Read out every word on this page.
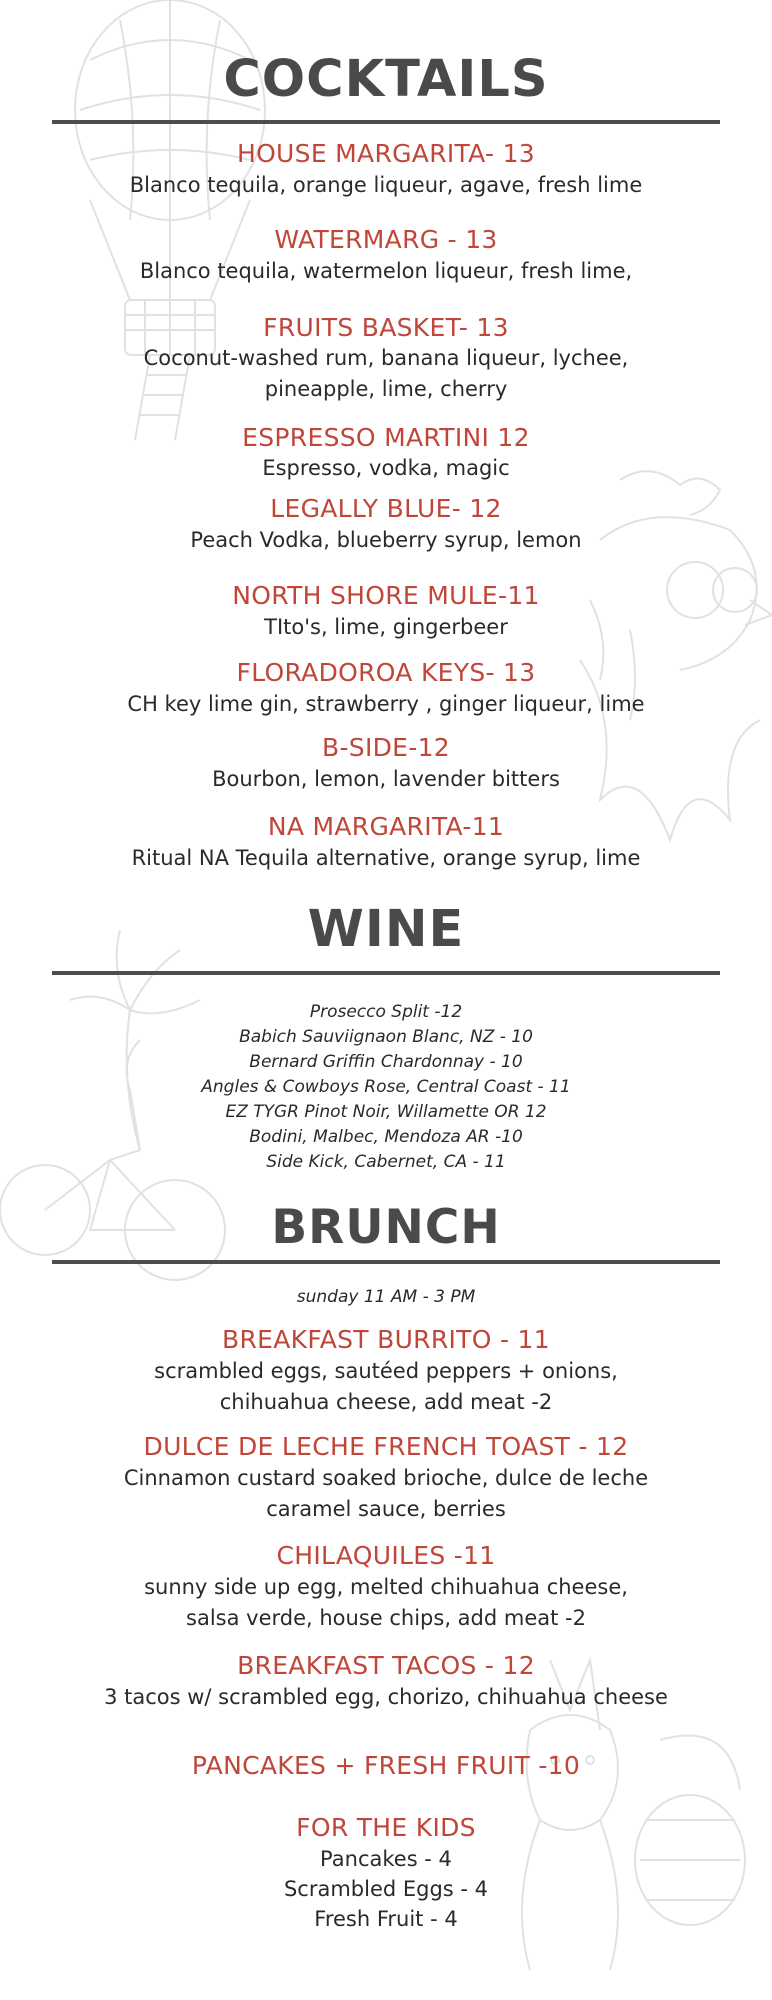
COCKTAILS
HOUSE MARGARITA- 13
Blanco tequila, orange liqueur, agave, fresh lime
WATERMARG - 13
Blanco tequila, watermelon liqueur, fresh lime,
FRUITS BASKET- 13
Coconut-washed rum, banana liqueur, lychee,
pineapple, lime, cherry
ESPRESSO MARTINI 12
Espresso, vodka, magic
LEGALLY BLUE- 12
Peach Vodka, blueberry syrup, lemon
NORTH SHORE MULE-11
TIto's, lime, gingerbeer
FLORADOROA KEYS- 13
CH key lime gin, strawberry , ginger liqueur, lime
B-SIDE-12
Bourbon, lemon, lavender bitters
NA MARGARITA-11
Ritual NA Tequila alternative, orange syrup, lime
WINE
Prosecco Split -12
Babich Sauviignaon Blanc, NZ - 10
Bernard Griffin Chardonnay - 10
Angles & Cowboys Rose, Central Coast - 11
EZ TYGR Pinot Noir, Willamette OR 12
Bodini, Malbec, Mendoza AR -10
Side Kick, Cabernet, CA - 11
BRUNCH
sunday 11 AM - 3 PM
BREAKFAST BURRITO - 11
scrambled eggs, sautéed peppers + onions,
chihuahua cheese, add meat -2
DULCE DE LECHE FRENCH TOAST - 12
Cinnamon custard soaked brioche, dulce de leche
caramel sauce, berries
CHILAQUILES -11
sunny side up egg, melted chihuahua cheese,
salsa verde, house chips, add meat -2
BREAKFAST TACOS - 12
3 tacos w/ scrambled egg, chorizo, chihuahua cheese
PANCAKES + FRESH FRUIT -10
FOR THE KIDS
Pancakes - 4
Scrambled Eggs - 4
Fresh Fruit - 4
